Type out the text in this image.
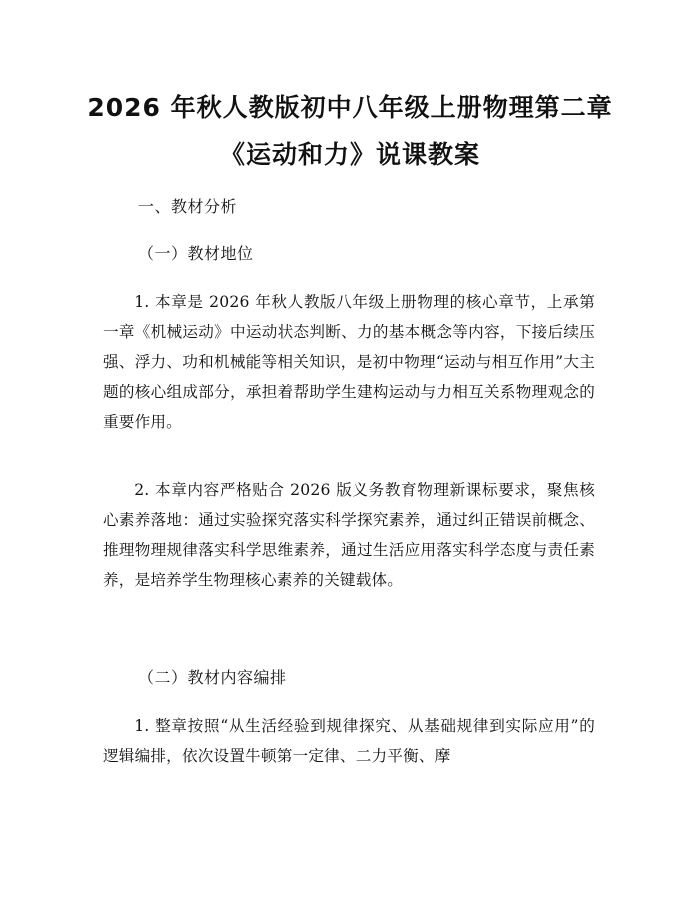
2026 年秋人教版初中八年级上册物理第二章
《运动和力》说课教案
一、教材分析
（一）教材地位
1. 本章是 2026 年秋人教版八年级上册物理的核心章节，上承第一章《机械运动》中运动状态判断、力的基本概念等内容，下接后续压强、浮力、功和机械能等相关知识，是初中物理“运动与相互作用”大主题的核心组成部分，承担着帮助学生建构运动与力相互关系物理观念的重要作用。
2. 本章内容严格贴合 2026 版义务教育物理新课标要求，聚焦核心素养落地：通过实验探究落实科学探究素养，通过纠正错误前概念、推理物理规律落实科学思维素养，通过生活应用落实科学态度与责任素养，是培养学生物理核心素养的关键载体。
（二）教材内容编排
1. 整章按照“从生活经验到规律探究、从基础规律到实际应用”的逻辑编排，依次设置牛顿第一定律、二力平衡、摩
